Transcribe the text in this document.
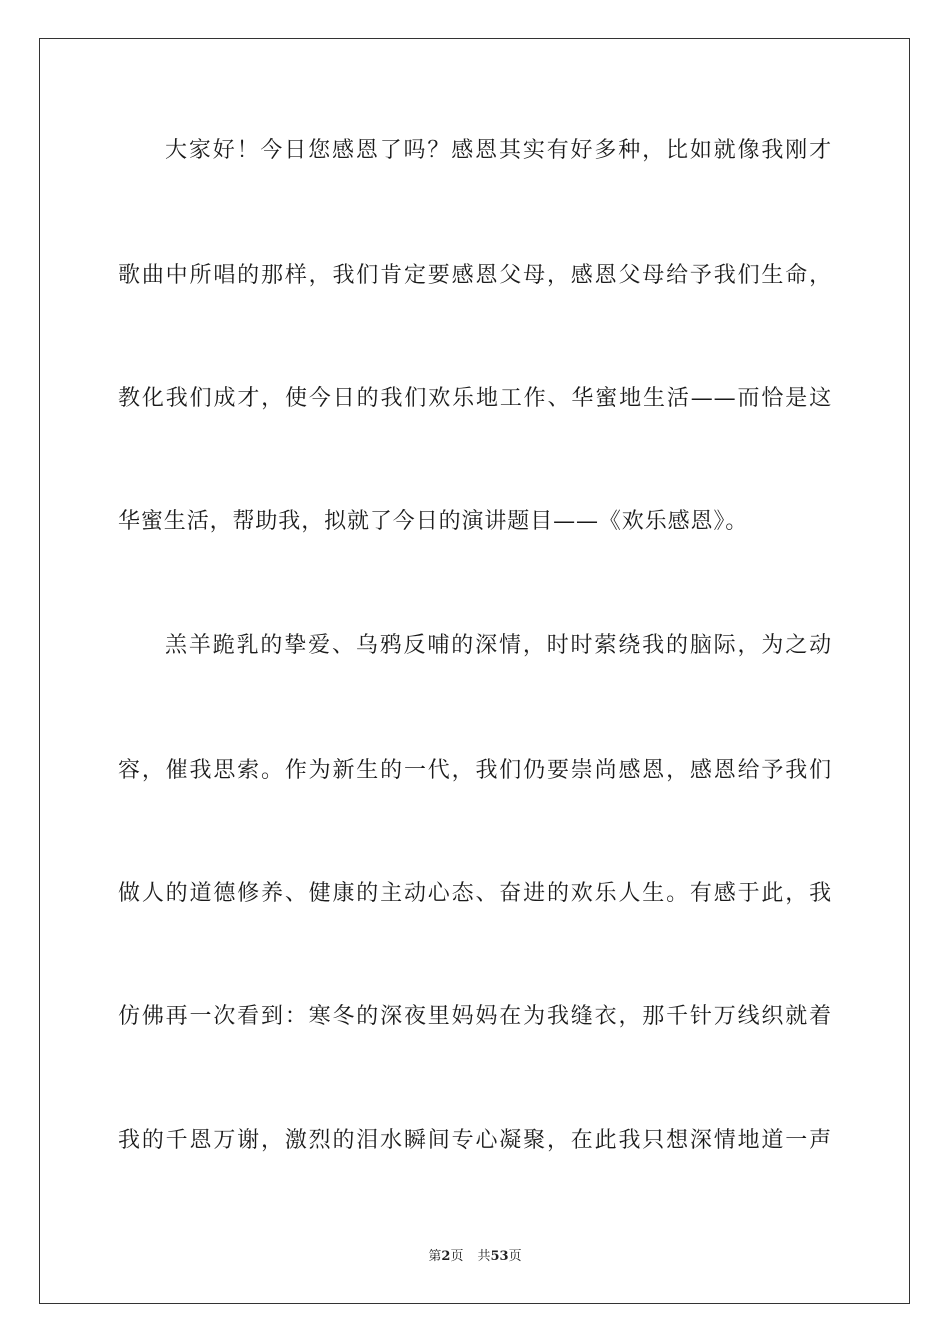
大家好！今日您感恩了吗？感恩其实有好多种，比如就像我刚才
歌曲中所唱的那样，我们肯定要感恩父母，感恩父母给予我们生命，
教化我们成才，使今日的我们欢乐地工作、华蜜地生活——而恰是这
华蜜生活，帮助我，拟就了今日的演讲题目——《欢乐感恩》。
羔羊跪乳的挚爱、乌鸦反哺的深情，时时萦绕我的脑际，为之动
容，催我思索。作为新生的一代，我们仍要崇尚感恩，感恩给予我们
做人的道德修养、健康的主动心态、奋进的欢乐人生。有感于此，我
仿佛再一次看到：寒冬的深夜里妈妈在为我缝衣，那千针万线织就着
我的千恩万谢，激烈的泪水瞬间专心凝聚，在此我只想深情地道一声
第2页 共53页
